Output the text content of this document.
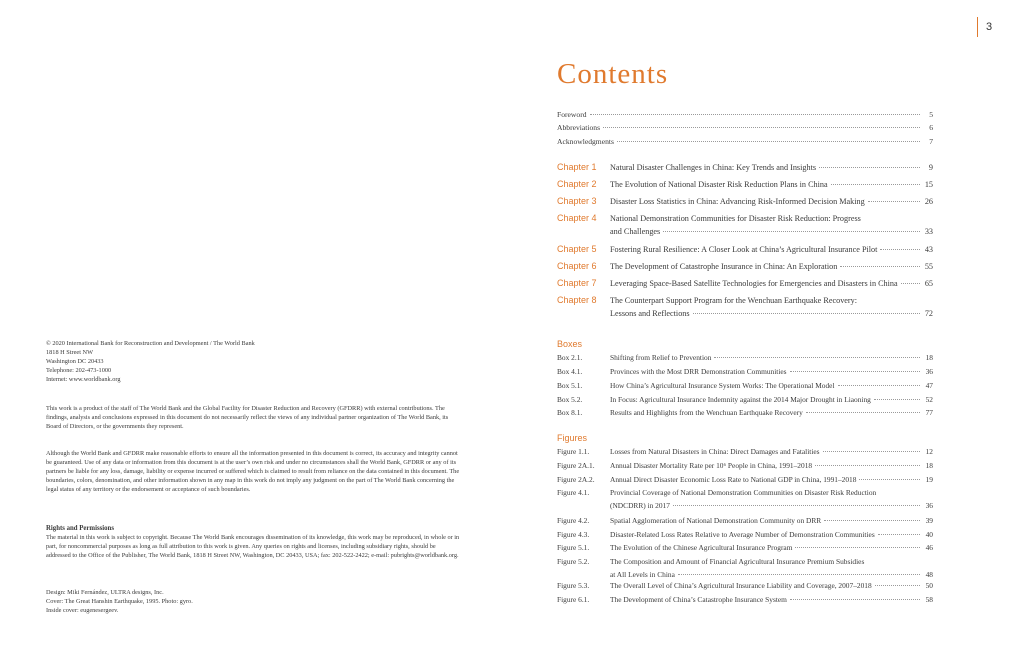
3
Contents
Foreword	5
Abbreviations	6
Acknowledgments	7
Chapter 1 Natural Disaster Challenges in China: Key Trends and Insights	9
Chapter 2 The Evolution of National Disaster Risk Reduction Plans in China	15
Chapter 3 Disaster Loss Statistics in China: Advancing Risk-Informed Decision Making	26
Chapter 4 National Demonstration Communities for Disaster Risk Reduction: Progress
and Challenges	33
Chapter 5 Fostering Rural Resilience: A Closer Look at China’s Agricultural Insurance Pilot	43
Chapter 6 The Development of Catastrophe Insurance in China: An Exploration	55
Chapter 7 Leveraging Space-Based Satellite Technologies for Emergencies and Disasters in China	65
Chapter 8 The Counterpart Support Program for the Wenchuan Earthquake Recovery:
Lessons and Reflections	72
Boxes
Box 2.1.	Shifting from Relief to Prevention	18
Box 4.1.	Provinces with the Most DRR Demonstration Communities	36
Box 5.1.	How China’s Agricultural Insurance System Works: The Operational Model	47
Box 5.2.	In Focus: Agricultural Insurance Indemnity against the 2014 Major Drought in Liaoning	52
Box 8.1.	Results and Highlights from the Wenchuan Earthquake Recovery	77
Figures
Figure 1.1.	Losses from Natural Disasters in China: Direct Damages and Fatalities	12
Figure 2A.1. Annual Disaster Mortality Rate per 10⁶ People in China, 1991–2018	18
Figure 2A.2. Annual Direct Disaster Economic Loss Rate to National GDP in China, 1991–2018	19
Figure 4.1.	Provincial Coverage of National Demonstration Communities on Disaster Risk Reduction
(NDCDRR) in 2017	36
Figure 4.2.	Spatial Agglomeration of National Demonstration Community on DRR	39
Figure 4.3.	Disaster-Related Loss Rates Relative to Average Number of Demonstration Communities	40
Figure 5.1.	The Evolution of the Chinese Agricultural Insurance Program	46
Figure 5.2.	The Composition and Amount of Financial Agricultural Insurance Premium Subsidies
at All Levels in China	48
Figure 5.3.	The Overall Level of China’s Agricultural Insurance Liability and Coverage, 2007–2018	50
Figure 6.1.	The Development of China’s Catastrophe Insurance System	58

© 2020 International Bank for Reconstruction and Development / The World Bank

1818 H Street NW

Washington DC 20433

Telephone: 202-473-1000

Internet: www.worldbank.org

This work is a product of the staff of The World Bank and the Global Facility for Disaster Reduction and Recovery (GFDRR) with external contributions. The findings, analysis and conclusions expressed in this document do not necessarily reflect the views of any individual partner organization of The World Bank, its Board of Directors, or the governments they represent.

Although the World Bank and GFDRR make reasonable efforts to ensure all the information presented in this document is correct, its accuracy and integrity cannot be guaranteed. Use of any data or information from this document is at the user’s own risk and under no circumstances shall the World Bank, GFDRR or any of its partners be liable for any loss, damage, liability or expense incurred or suffered which is claimed to result from reliance on the data contained in this document. The boundaries, colors, denomination, and other information shown in any map in this work do not imply any judgment on the part of The World Bank concerning the legal status of any territory or the endorsement or acceptance of such boundaries.

Rights and Permissions

The material in this work is subject to copyright. Because The World Bank encourages dissemination of its knowledge, this work may be reproduced, in whole or in part, for noncommercial purposes as long as full attribution to this work is given. Any queries on rights and licenses, including subsidiary rights, should be addressed to the Office of the Publisher, The World Bank, 1818 H Street NW, Washington, DC 20433, USA; fax: 202-522-2422; e-mail: pubrights@worldbank.org.

Design: Miki Fernández, ULTRA designs, Inc.

Cover: The Great Hanshin Earthquake, 1995. Photo: gyro.

Inside cover: eugenesergeev.
